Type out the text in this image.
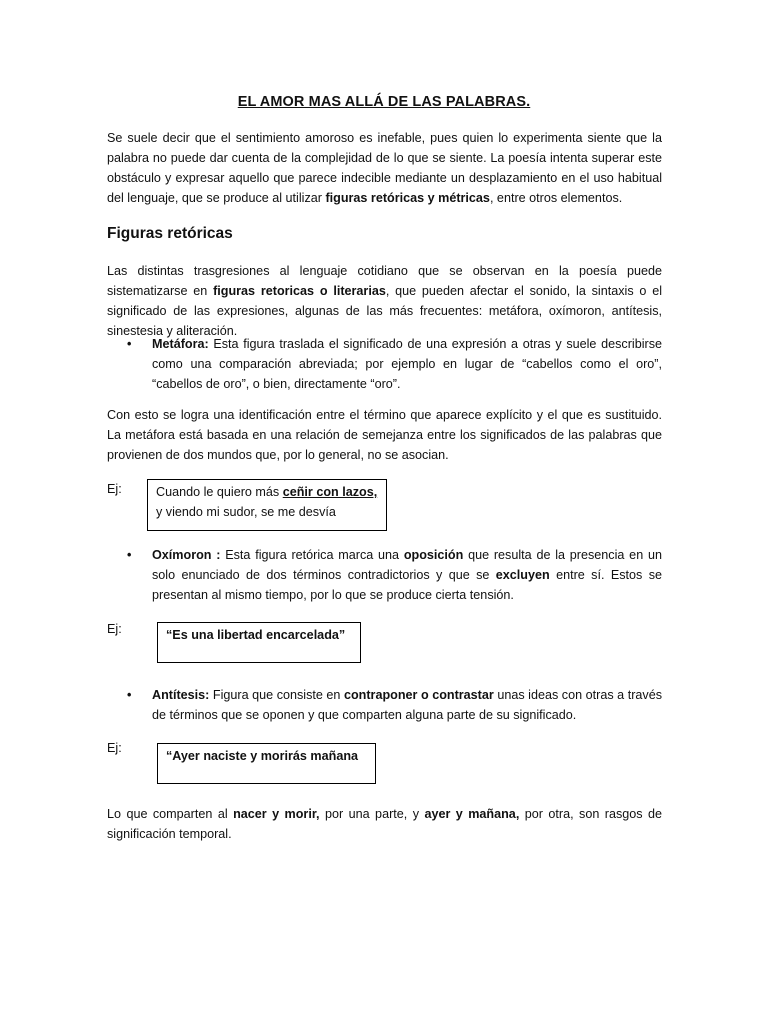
EL AMOR MAS ALLÁ DE LAS PALABRAS.
Se suele decir que el sentimiento amoroso es inefable, pues quien lo experimenta siente que la palabra no puede dar cuenta de la complejidad de lo que se siente. La poesía intenta superar este obstáculo y expresar aquello que parece indecible mediante un desplazamiento en el uso habitual del lenguaje, que se produce al utilizar figuras retóricas y métricas, entre otros elementos.
Figuras retóricas
Las distintas trasgresiones al lenguaje cotidiano que se observan en la poesía puede sistematizarse en figuras retoricas o literarias, que pueden afectar el sonido, la sintaxis o el significado de las expresiones, algunas de las más frecuentes: metáfora, oxímoron, antítesis, sinestesia y aliteración.
• Metáfora: Esta figura traslada el significado de una expresión a otras y suele describirse como una comparación abreviada; por ejemplo en lugar de “cabellos como el oro”, “cabellos de oro”, o bien, directamente “oro”.
Con esto se logra una identificación entre el término que aparece explícito y el que es sustituido. La metáfora está basada en una relación de semejanza entre los significados de las palabras que provienen de dos mundos que, por lo general, no se asocian.
Ej:	Cuando le quiero más ceñir con lazos,
y viendo mi sudor, se me desvía
• Oxímoron : Esta figura retórica marca una oposición que resulta de la presencia en un solo enunciado de dos términos contradictorios y que se excluyen entre sí. Estos se presentan al mismo tiempo, por lo que se produce cierta tensión.
Ej:	“Es una libertad encarcelada”
• Antítesis: Figura que consiste en contraponer o contrastar unas ideas con otras a través de términos que se oponen y que comparten alguna parte de su significado.
Ej:
“Ayer naciste y morirás mañana
Lo que comparten al nacer y morir, por una parte, y ayer y mañana, por otra, son rasgos de significación temporal.
